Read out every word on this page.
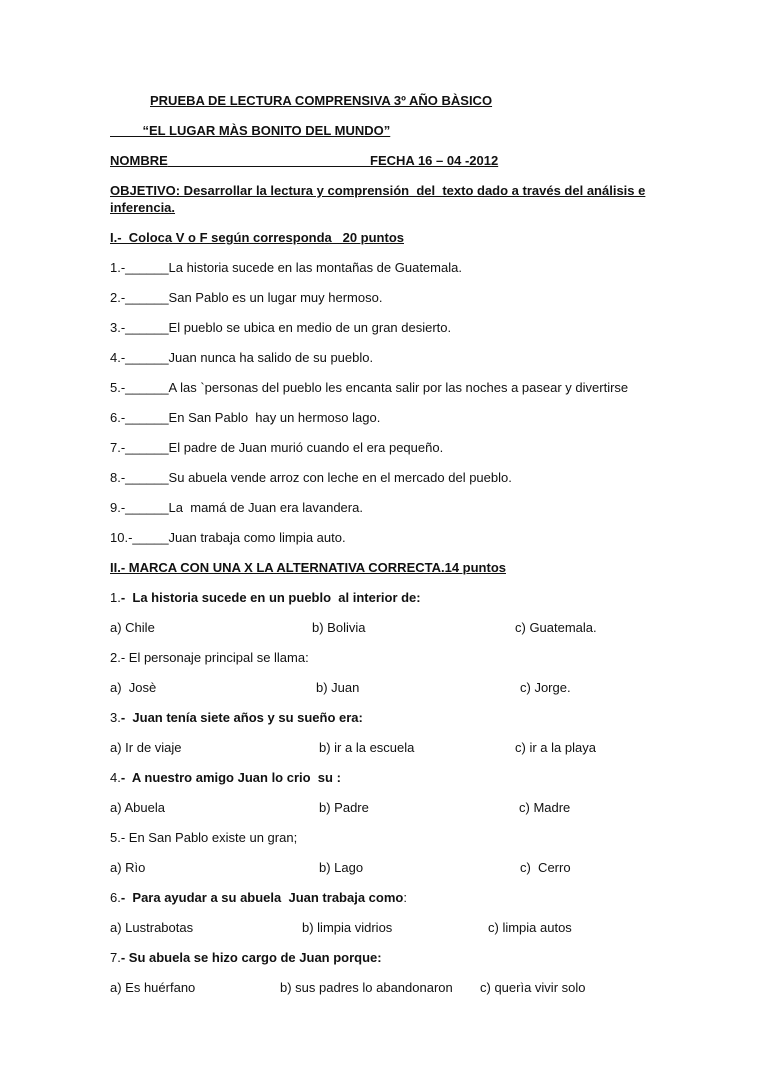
PRUEBA DE LECTURA COMPRENSIVA 3º AÑO BÀSICO
“EL LUGAR MÀS BONITO DEL MUNDO”
NOMBRE	FECHA 16 – 04 -2012
OBJETIVO: Desarrollar la lectura y comprensión  del  texto dado a través del análisis e
inferencia.
I.-  Coloca V o F según corresponda   20 puntos
1.-______La historia sucede en las montañas de Guatemala.
2.-______San Pablo es un lugar muy hermoso.
3.-______El pueblo se ubica en medio de un gran desierto.
4.-______Juan nunca ha salido de su pueblo.
5.-______A las `personas del pueblo les encanta salir por las noches a pasear y divertirse
6.-______En San Pablo  hay un hermoso lago.
7.-______El padre de Juan murió cuando el era pequeño.
8.-______Su abuela vende arroz con leche en el mercado del pueblo.
9.-______La  mamá de Juan era lavandera.
10.-_____Juan trabaja como limpia auto.
II.- MARCA CON UNA X LA ALTERNATIVA CORRECTA.14 puntos
1.-  La historia sucede en un pueblo  al interior de:
a) Chile	b) Bolivia	c) Guatemala.
2.- El personaje principal se llama:
a)  Josè	b) Juan	c) Jorge.
3.-  Juan tenía siete años y su sueño era:
a) Ir de viaje	b) ir a la escuela	c) ir a la playa
4.-  A nuestro amigo Juan lo crio  su :
a) Abuela	b) Padre	c) Madre
5.- En San Pablo existe un gran;
a) Rìo	b) Lago	c)  Cerro
6.-  Para ayudar a su abuela  Juan trabaja como:
a) Lustrabotas	b) limpia vidrios	c) limpia autos
7.- Su abuela se hizo cargo de Juan porque:
a) Es huérfano	b) sus padres lo abandonaron c) querìa vivir solo
